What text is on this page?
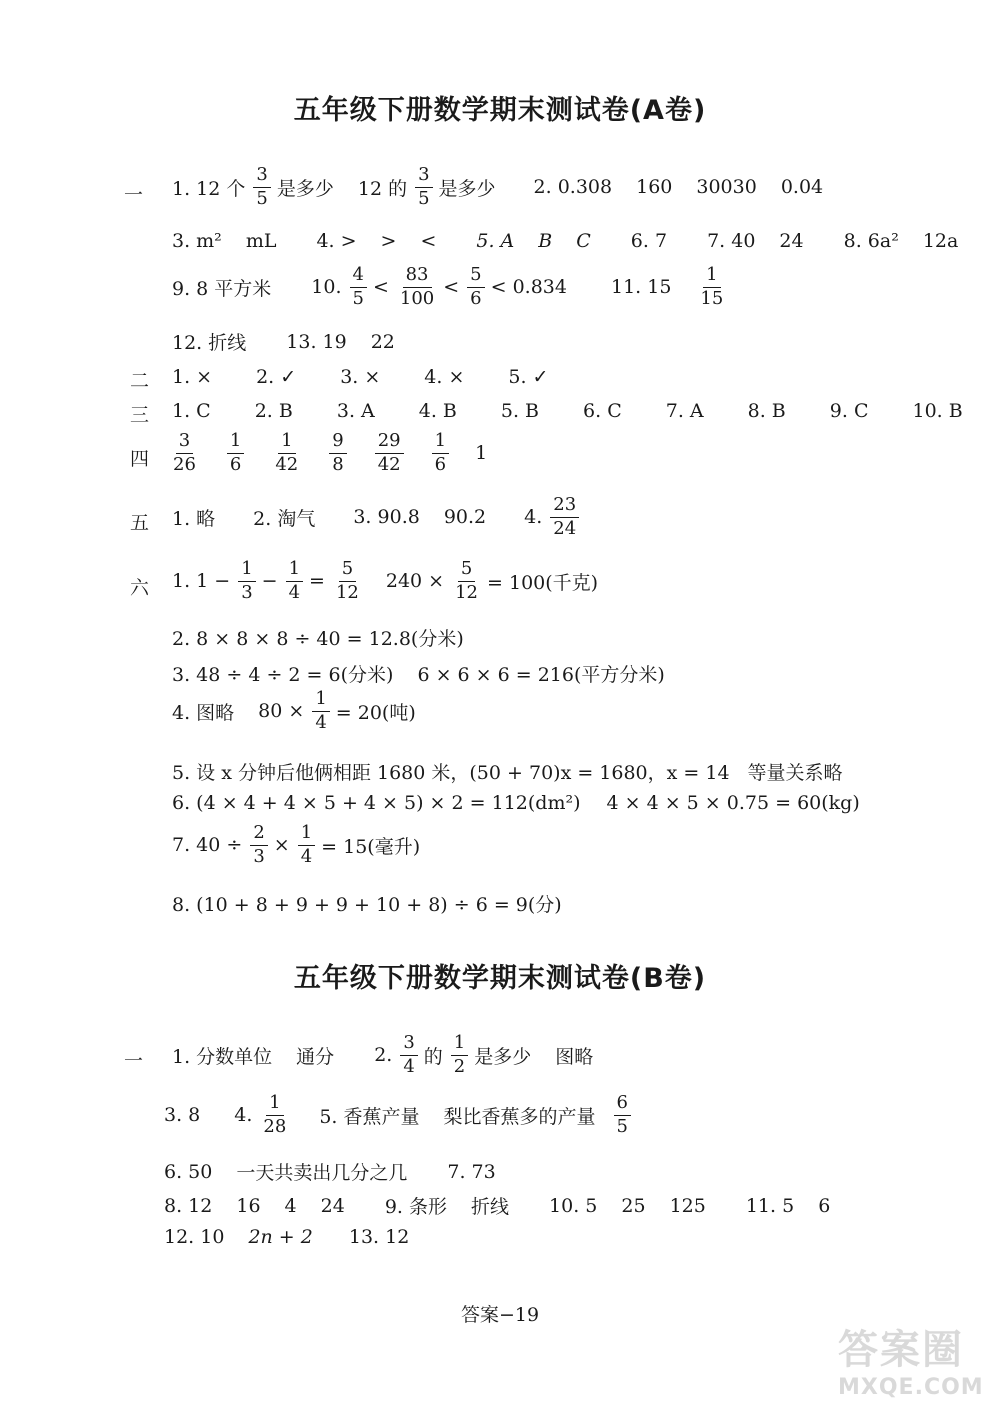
五年级下册数学期末测试卷(A卷)
一 1. 12 个
3
5 是多少 12 的
3
5 是多少 2. 0.308 160 30030 0.04
3. m² mL 4. > > < 5. A B C 6. 7 7. 40 24 8. 6a² 12a
9. 8 平方米 10.
4
5 <
83
100 <
5
6 < 0.834 11. 15
1
15
12. 折线 13. 19 22
二 1. × 2. ✓ 3. × 4. × 5. ✓
三 1. C 2. B 3. A 4. B 5. B 6. C 7. A 8. B 9. C 10. B
四
3
26
1
6
1
42
9
8
29
42
1
6 1
五 1. 略 2. 淘气 3. 90.8 90.2 4.
23
24
六 1. $1 - \frac{1}{3} - \frac{1}{4} = \frac{5}{12} 240 \times \frac{5}{12} = 100$(千克)
2. 8 × 8 × 8 ÷ 40 = 12.8(分米)
3. 48 ÷ 4 ÷ 2 = 6(分米) 6 × 6 × 6 = 216(平方分米)
4. 图略 $80 \times \frac{1}{4} = 20$(吨)
5. 设 x 分钟后他俩相距 1680 米，(50 + 70)x = 1680，x = 14 等量关系略
6. (4 × 4 + 4 × 5 + 4 × 5) × 2 = 112(dm²) 4 × 4 × 5 × 0.75 = 60(kg)
7. $40 \div \frac{2}{3} \times \frac{1}{4} = 15$(毫升)
8. (10 + 8 + 9 + 9 + 10 + 8) ÷ 6 = 9(分)
五年级下册数学期末测试卷(B卷)
一 1. 分数单位 通分 2.
3
4 的
1
2 是多少 图略
3. 8 4.
1
28 5. 香蕉产量 梨比香蕉多的产量
6
5
6. 50 一天共卖出几分之几 7. 73
8. 12 16 4 24 9. 条形 折线 10. 5 25 125 11. 5 6
12. 10 2n + 2 13. 12
答案−19
答案圈
MXQE.COM
